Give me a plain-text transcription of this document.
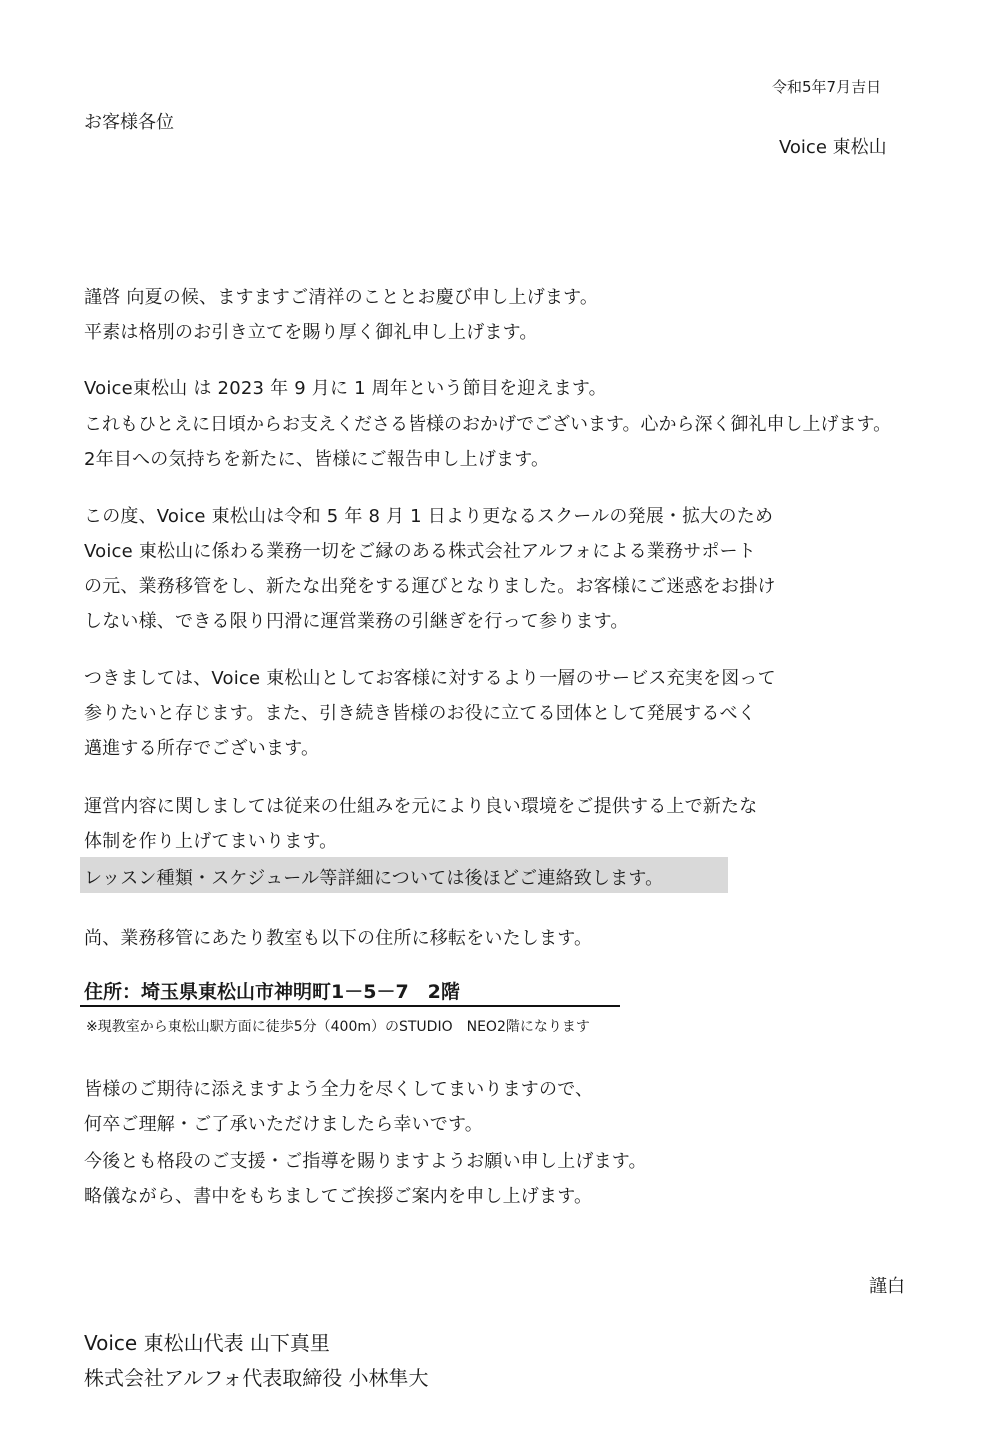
令和5年7月吉日
お客様各位
Voice 東松山
謹啓 向夏の候、ますますご清祥のこととお慶び申し上げます。
平素は格別のお引き立てを賜り厚く御礼申し上げます。
Voice東松山 は 2023 年 9 月に 1 周年という節目を迎えます。
これもひとえに日頃からお支えくださる皆様のおかげでございます。心から深く御礼申し上げます。
2年目への気持ちを新たに、皆様にご報告申し上げます。
この度、Voice 東松山は令和 5 年 8 月 1 日より更なるスクールの発展・拡大のため
Voice 東松山に係わる業務一切をご縁のある株式会社アルフォによる業務サポート
の元、業務移管をし、新たな出発をする運びとなりました。お客様にご迷惑をお掛け
しない様、できる限り円滑に運営業務の引継ぎを行って参ります。
つきましては、Voice 東松山としてお客様に対するより一層のサービス充実を図って
参りたいと存じます。また、引き続き皆様のお役に立てる団体として発展するべく
邁進する所存でございます。
運営内容に関しましては従来の仕組みを元により良い環境をご提供する上で新たな
体制を作り上げてまいります。
レッスン種類・スケジュール等詳細については後ほどご連絡致します。
尚、業務移管にあたり教室も以下の住所に移転をいたします。
住所：埼玉県東松山市神明町1－5－7　2階
※現教室から東松山駅方面に徒歩5分（400m）のSTUDIO　NEO2階になります
皆様のご期待に添えますよう全力を尽くしてまいりますので、
何卒ご理解・ご了承いただけましたら幸いです。
今後とも格段のご支援・ご指導を賜りますようお願い申し上げます。
略儀ながら、書中をもちましてご挨拶ご案内を申し上げます。
謹白
Voice 東松山代表 山下真里
株式会社アルフォ代表取締役 小林隼大
